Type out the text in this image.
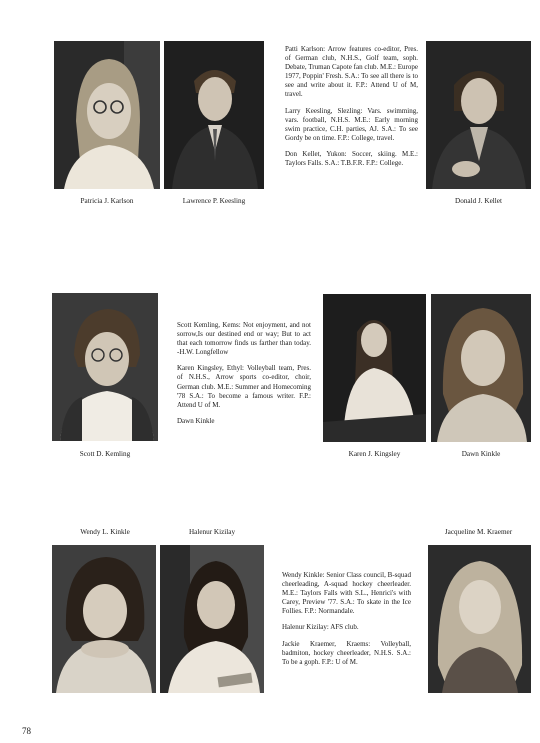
Patricia J. Karlson	Lawrence P. Keesling	Donald J. Kellet

Patti Karlson: Arrow features co-editor, Pres. of German club, N.H.S., Golf team, soph. Debate, Truman Capote fan club. M.E.: Europe 1977, Poppin' Fresh. S.A.: To see all there is to see and write about it. F.P.: Attend U of M, travel.

Larry Keesling, Slezling: Vars. swimming, vars. football, N.H.S. M.E.: Early morning swim practice, C.H. parties, AJ. S.A.: To see Gordy be on time. F.P.: College, travel.

Don Kellet, Yukon: Soccer, skiing. M.E.: Taylors Falls. S.A.: T.B.F.R. F.P.: College.

Scott D. Kemling

Scott Kemling, Kems: Not enjoyment, and not sorrow,Is our destined end or way; But to act that each tomorrow finds us farther than today. -H.W. Longfellow

Karen Kingsley, Ethyl: Volleyball team, Pres. of N.H.S., Arrow sports co-editor, choir, German club. M.E.: Summer and Homecoming '78 S.A.: To become a famous writer. F.P.: Attend U of M.

Dawn Kinkle

Karen J. Kingsley	Dawn Kinkle
Wendy L. Kinkle	Halenur Kizilay	Jacqueline M. Kraemer

Wendy Kinkle: Senior Class council, B-squad cheerleading, A-squad hockey cheerleader. M.E.: Taylors Falls with S.L., Henrici's with Carey, Preview '77. S.A.: To skate in the Ice Follies. F.P.: Normandale.

Halenur Kizilay: AFS club.

Jackie Kraemer, Kraems: Volleyball, badmiton, hockey cheerleader, N.H.S. S.A.: To be a goph. F.P.: U of M.

78
